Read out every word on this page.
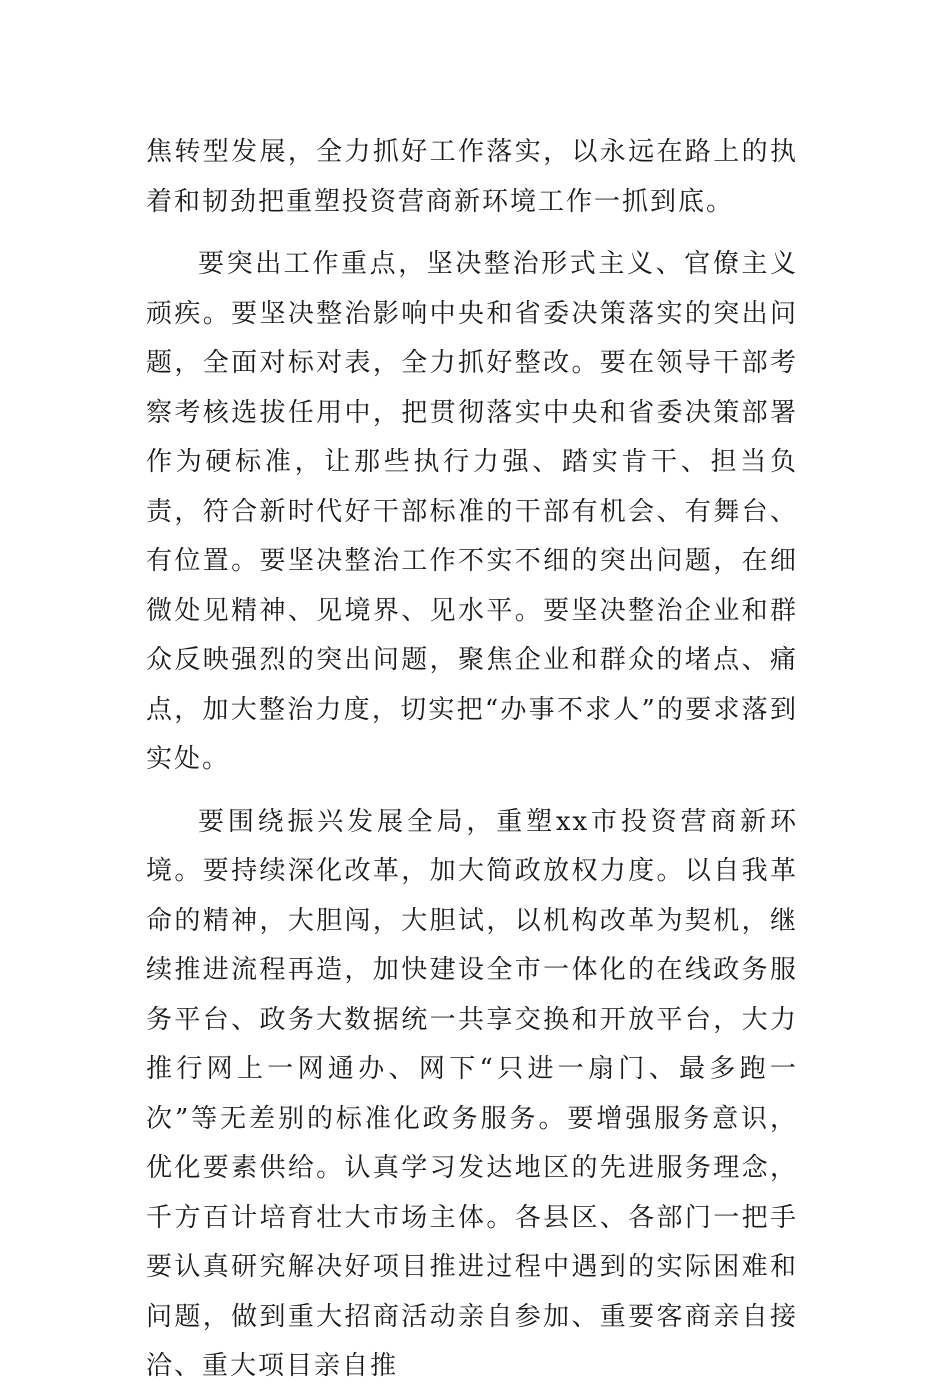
焦转型发展，全力抓好工作落实，以永远在路上的执着和韧劲把重塑投资营商新环境工作一抓到底。

要突出工作重点，坚决整治形式主义、官僚主义顽疾。要坚决整治影响中央和省委决策落实的突出问题，全面对标对表，全力抓好整改。要在领导干部考察考核选拔任用中，把贯彻落实中央和省委决策部署作为硬标准，让那些执行力强、踏实肯干、担当负责，符合新时代好干部标准的干部有机会、有舞台、有位置。要坚决整治工作不实不细的突出问题，在细微处见精神、见境界、见水平。要坚决整治企业和群众反映强烈的突出问题，聚焦企业和群众的堵点、痛点，加大整治力度，切实把“办事不求人”的要求落到实处。

要围绕振兴发展全局，重塑xx市投资营商新环境。要持续深化改革，加大简政放权力度。以自我革命的精神，大胆闯，大胆试，以机构改革为契机，继续推进流程再造，加快建设全市一体化的在线政务服务平台、政务大数据统一共享交换和开放平台，大力推行网上一网通办、网下“只进一扇门、最多跑一次”等无差别的标准化政务服务。要增强服务意识，优化要素供给。认真学习发达地区的先进服务理念，千方百计培育壮大市场主体。各县区、各部门一把手要认真研究解决好项目推进过程中遇到的实际困难和问题，做到重大招商活动亲自参加、重要客商亲自接洽、重大项目亲自推
